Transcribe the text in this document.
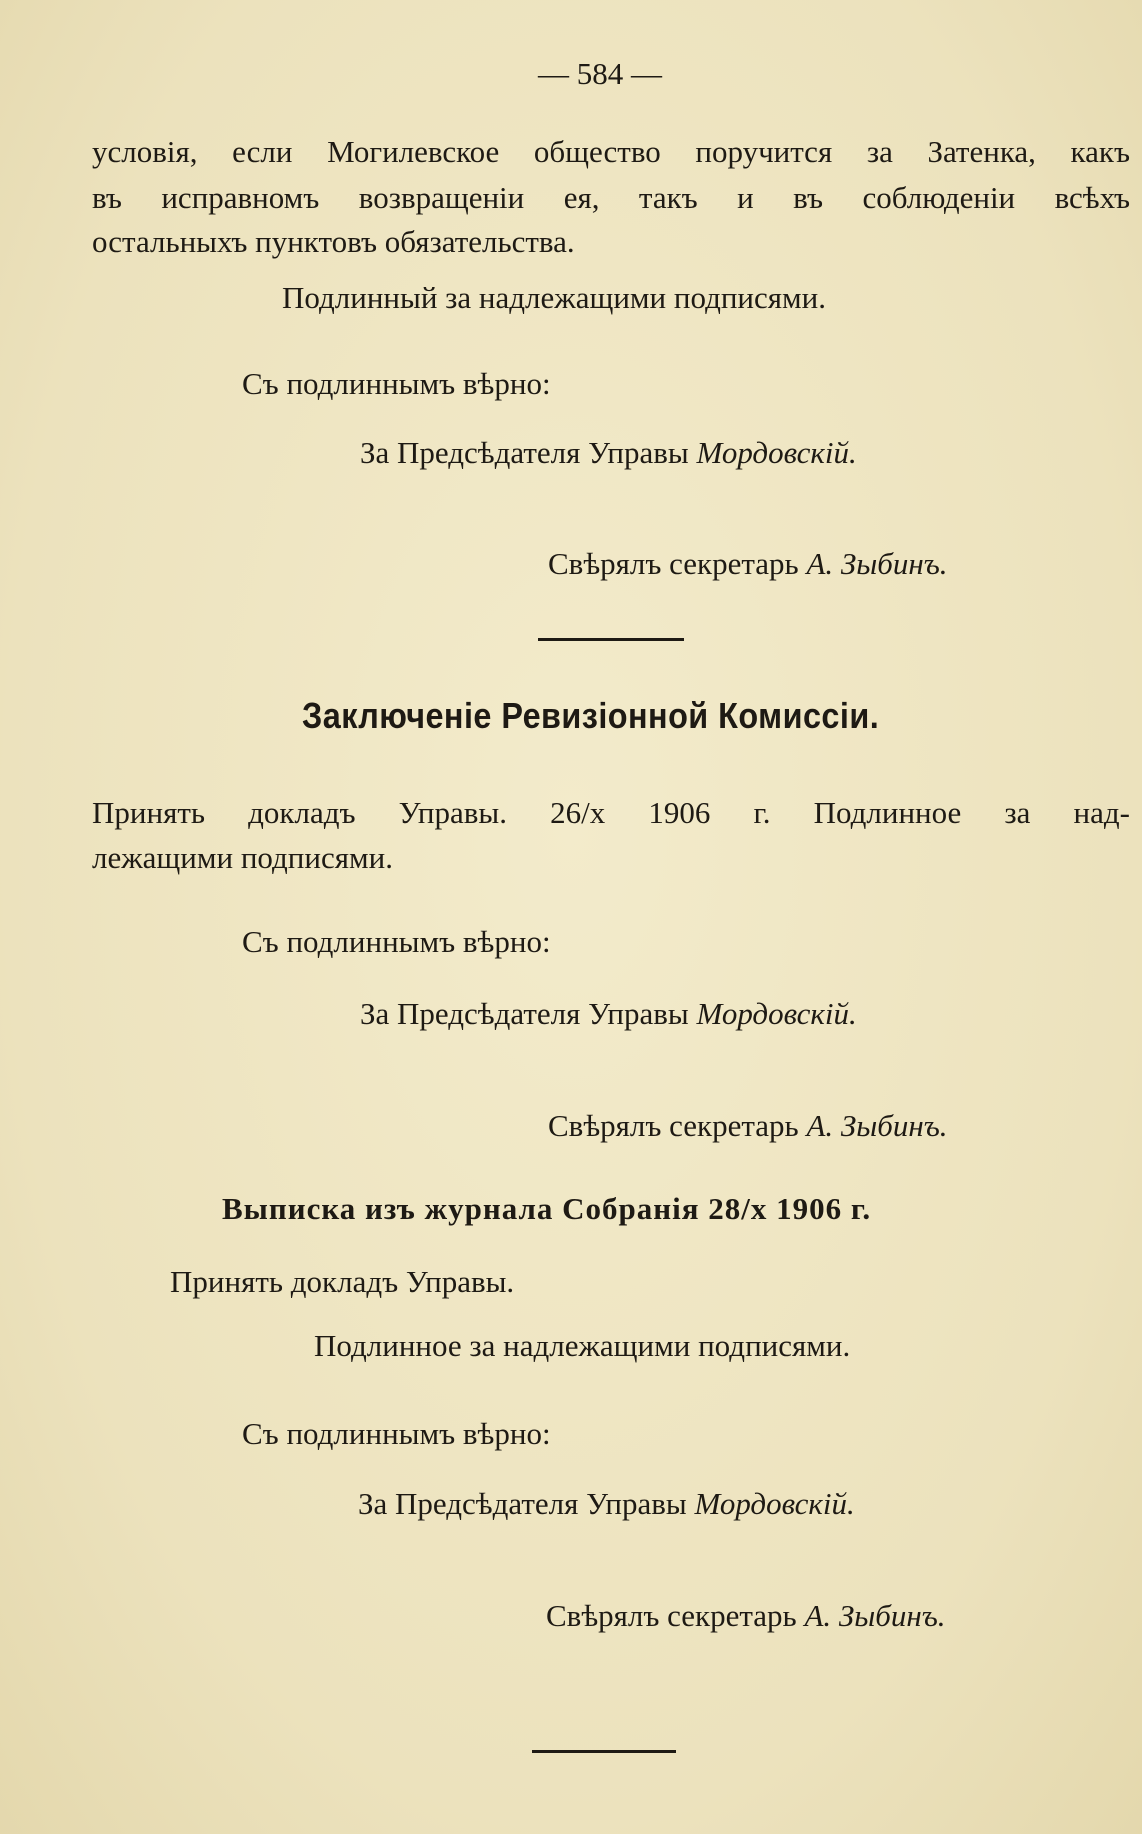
— 584 —
условія, если Могилевское общество поручится за Затенка, какъ
въ исправномъ возвращеніи ея, такъ и въ соблюденіи всѣхъ
остальныхъ пунктовъ обязательства.
Подлинный за надлежащими подписями.
Съ подлиннымъ вѣрно:
За Предсѣдателя Управы Мордовскій.
Свѣрялъ секретарь А. Зыбинъ.
Заключеніе Ревизіонной Комиссіи.
Принять докладъ Управы. 26/х 1906 г. Подлинное за над-
лежащими подписями.
Съ подлиннымъ вѣрно:
За Предсѣдателя Управы Мордовскій.
Свѣрялъ секретарь А. Зыбинъ.
Выписка изъ журнала Собранія 28/х 1906 г.
Принять докладъ Управы.
Подлинное за надлежащими подписями.
Съ подлиннымъ вѣрно:
За Предсѣдателя Управы Мордовскій.
Свѣрялъ секретарь А. Зыбинъ.
